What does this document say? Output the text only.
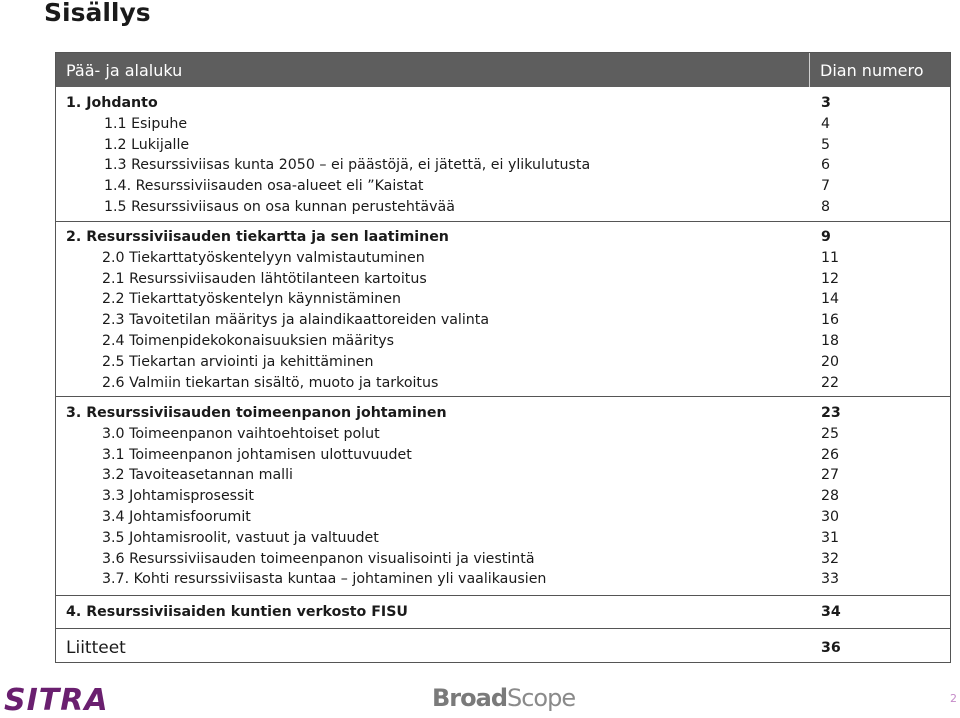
Sisällys
Pää- ja alaluku	Dian numero
1. Johdanto	3
1.1 Esipuhe	4
1.2 Lukijalle	5
1.3 Resurssiviisas kunta 2050 – ei päästöjä, ei jätettä, ei ylikulutusta	6
1.4. Resurssiviisauden osa-alueet eli ”Kaistat	7
1.5 Resurssiviisaus on osa kunnan perustehtävää	8
2. Resurssiviisauden tiekartta ja sen laatiminen	9
2.0 Tiekarttatyöskentelyyn valmistautuminen	11
2.1 Resurssiviisauden lähtötilanteen kartoitus	12
2.2 Tiekarttatyöskentelyn käynnistäminen	14
2.3 Tavoitetilan määritys ja alaindikaattoreiden valinta	16
2.4 Toimenpidekokonaisuuksien määritys	18
2.5 Tiekartan arviointi ja kehittäminen	20
2.6 Valmiin tiekartan sisältö, muoto ja tarkoitus	22
3. Resurssiviisauden toimeenpanon johtaminen	23
3.0 Toimeenpanon vaihtoehtoiset polut	25
3.1 Toimeenpanon johtamisen ulottuvuudet	26
3.2 Tavoiteasetannan malli	27
3.3 Johtamisprosessit	28
3.4 Johtamisfoorumit	30
3.5 Johtamisroolit, vastuut ja valtuudet	31
3.6 Resurssiviisauden toimeenpanon visualisointi ja viestintä	32
3.7. Kohti resurssiviisasta kuntaa – johtaminen yli vaalikausien	33
4. Resurssiviisaiden kuntien verkosto FISU	34
Liitteet	36
SITRA	BroadScope	2
